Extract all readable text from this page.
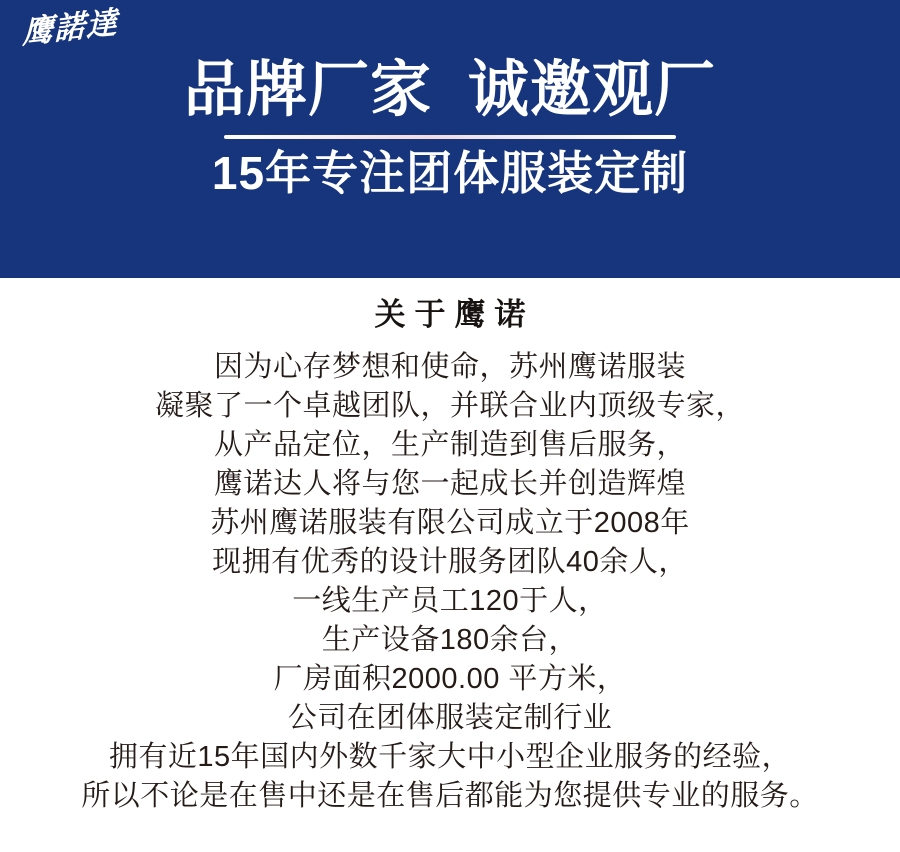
鹰諾達
品牌厂家  诚邀观厂
15年专注团体服装定制
关于鹰诺

因为心存梦想和使命，苏州鹰诺服装

凝聚了一个卓越团队，并联合业内顶级专家，

从产品定位，生产制造到售后服务，

鹰诺达人将与您一起成长并创造辉煌

苏州鹰诺服装有限公司成立于2008年

现拥有优秀的设计服务团队40余人，

一线生产员工120于人，

生产设备180余台，

厂房面积2000.00 平方米，

公司在团体服装定制行业

拥有近15年国内外数千家大中小型企业服务的经验，

所以不论是在售中还是在售后都能为您提供专业的服务。
